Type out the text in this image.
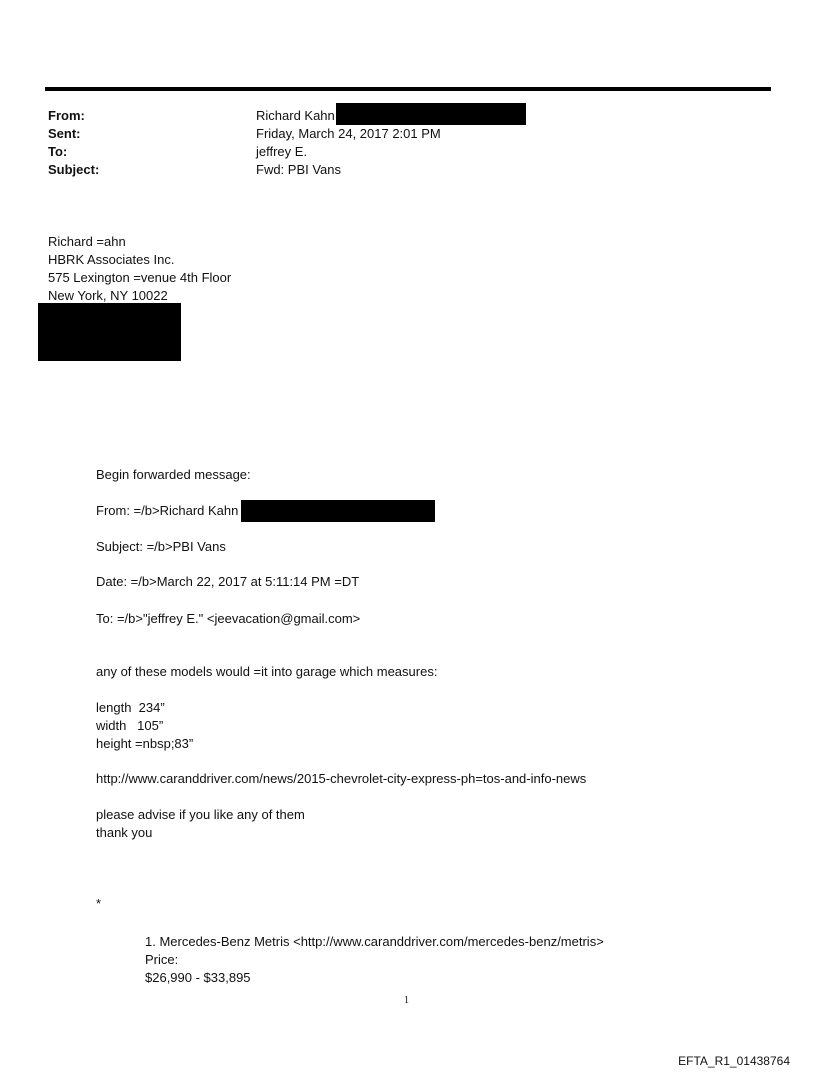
From:	Richard Kahn
Sent:	Friday, March 24, 2017 2:01 PM
To:	jeffrey E.
Subject:	Fwd: PBI Vans
Richard =ahn
HBRK Associates Inc.
575 Lexington =venue 4th Floor
New York, NY 10022
Begin forwarded message:
From: =/b>Richard Kahn
Subject: =/b>PBI Vans
Date: =/b>March 22, 2017 at 5:11:14 PM =DT
To: =/b>"jeffrey E." <jeevacation@gmail.com>
any of these models would =it into garage which measures:
length  234”
width   105”
height =nbsp;83”
http://www.caranddriver.com/news/2015-chevrolet-city-express-ph=tos-and-info-news
please advise if you like any of them
thank you
*
1. Mercedes-Benz Metris <http://www.caranddriver.com/mercedes-benz/metris>
Price:
$26,990 - $33,895
1
EFTA_R1_01438764
